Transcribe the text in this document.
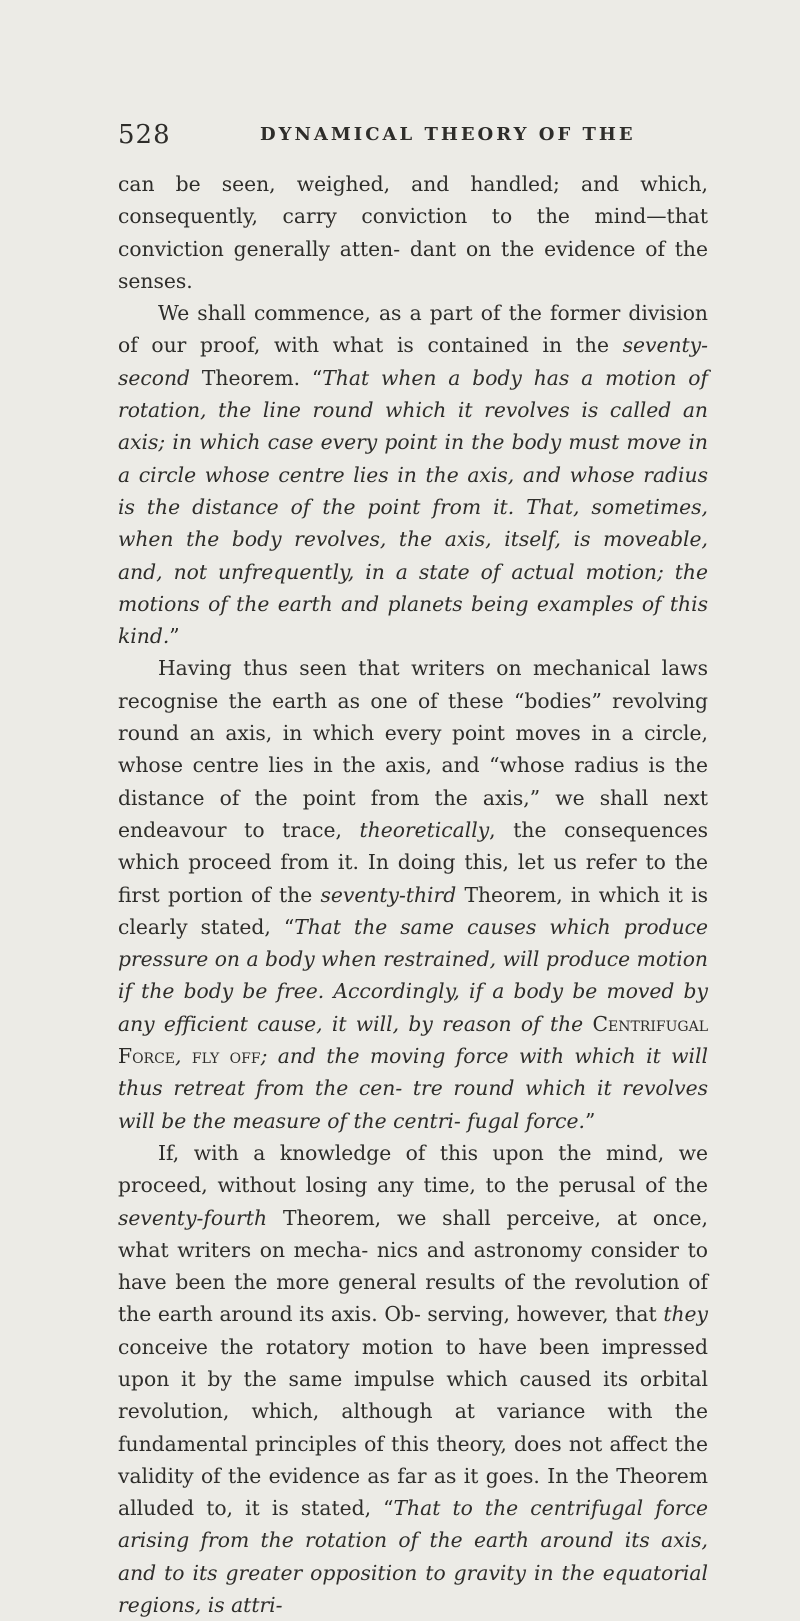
528	DYNAMICAL THEORY OF THE

can be seen, weighed, and handled; and which, consequently, carry conviction to the mind—that conviction generally atten- dant on the evidence of the senses.

We shall commence, as a part of the former division of our proof, with what is contained in the seventy-second Theorem. “That when a body has a motion of rotation, the line round which it revolves is called an axis; in which case every point in the body must move in a circle whose centre lies in the axis, and whose radius is the distance of the point from it. That, sometimes, when the body revolves, the axis, itself, is moveable, and, not unfrequently, in a state of actual motion; the motions of the earth and planets being examples of this kind.”

Having thus seen that writers on mechanical laws recognise the earth as one of these “bodies” revolving round an axis, in which every point moves in a circle, whose centre lies in the axis, and “whose radius is the distance of the point from the axis,” we shall next endeavour to trace, theoretically, the consequences which proceed from it. In doing this, let us refer to the first portion of the seventy-third Theorem, in which it is clearly stated, “That the same causes which produce pressure on a body when restrained, will produce motion if the body be free. Accordingly, if a body be moved by any efficient cause, it will, by reason of the Centrifugal Force, fly off; and the moving force with which it will thus retreat from the cen- tre round which it revolves will be the measure of the centri- fugal force.”

If, with a knowledge of this upon the mind, we proceed, without losing any time, to the perusal of the seventy-fourth Theorem, we shall perceive, at once, what writers on mecha- nics and astronomy consider to have been the more general results of the revolution of the earth around its axis. Ob- serving, however, that they conceive the rotatory motion to have been impressed upon it by the same impulse which caused its orbital revolution, which, although at variance with the fundamental principles of this theory, does not affect the validity of the evidence as far as it goes. In the Theorem alluded to, it is stated, “That to the centrifugal force arising from the rotation of the earth around its axis, and to its greater opposition to gravity in the equatorial regions, is attri-
